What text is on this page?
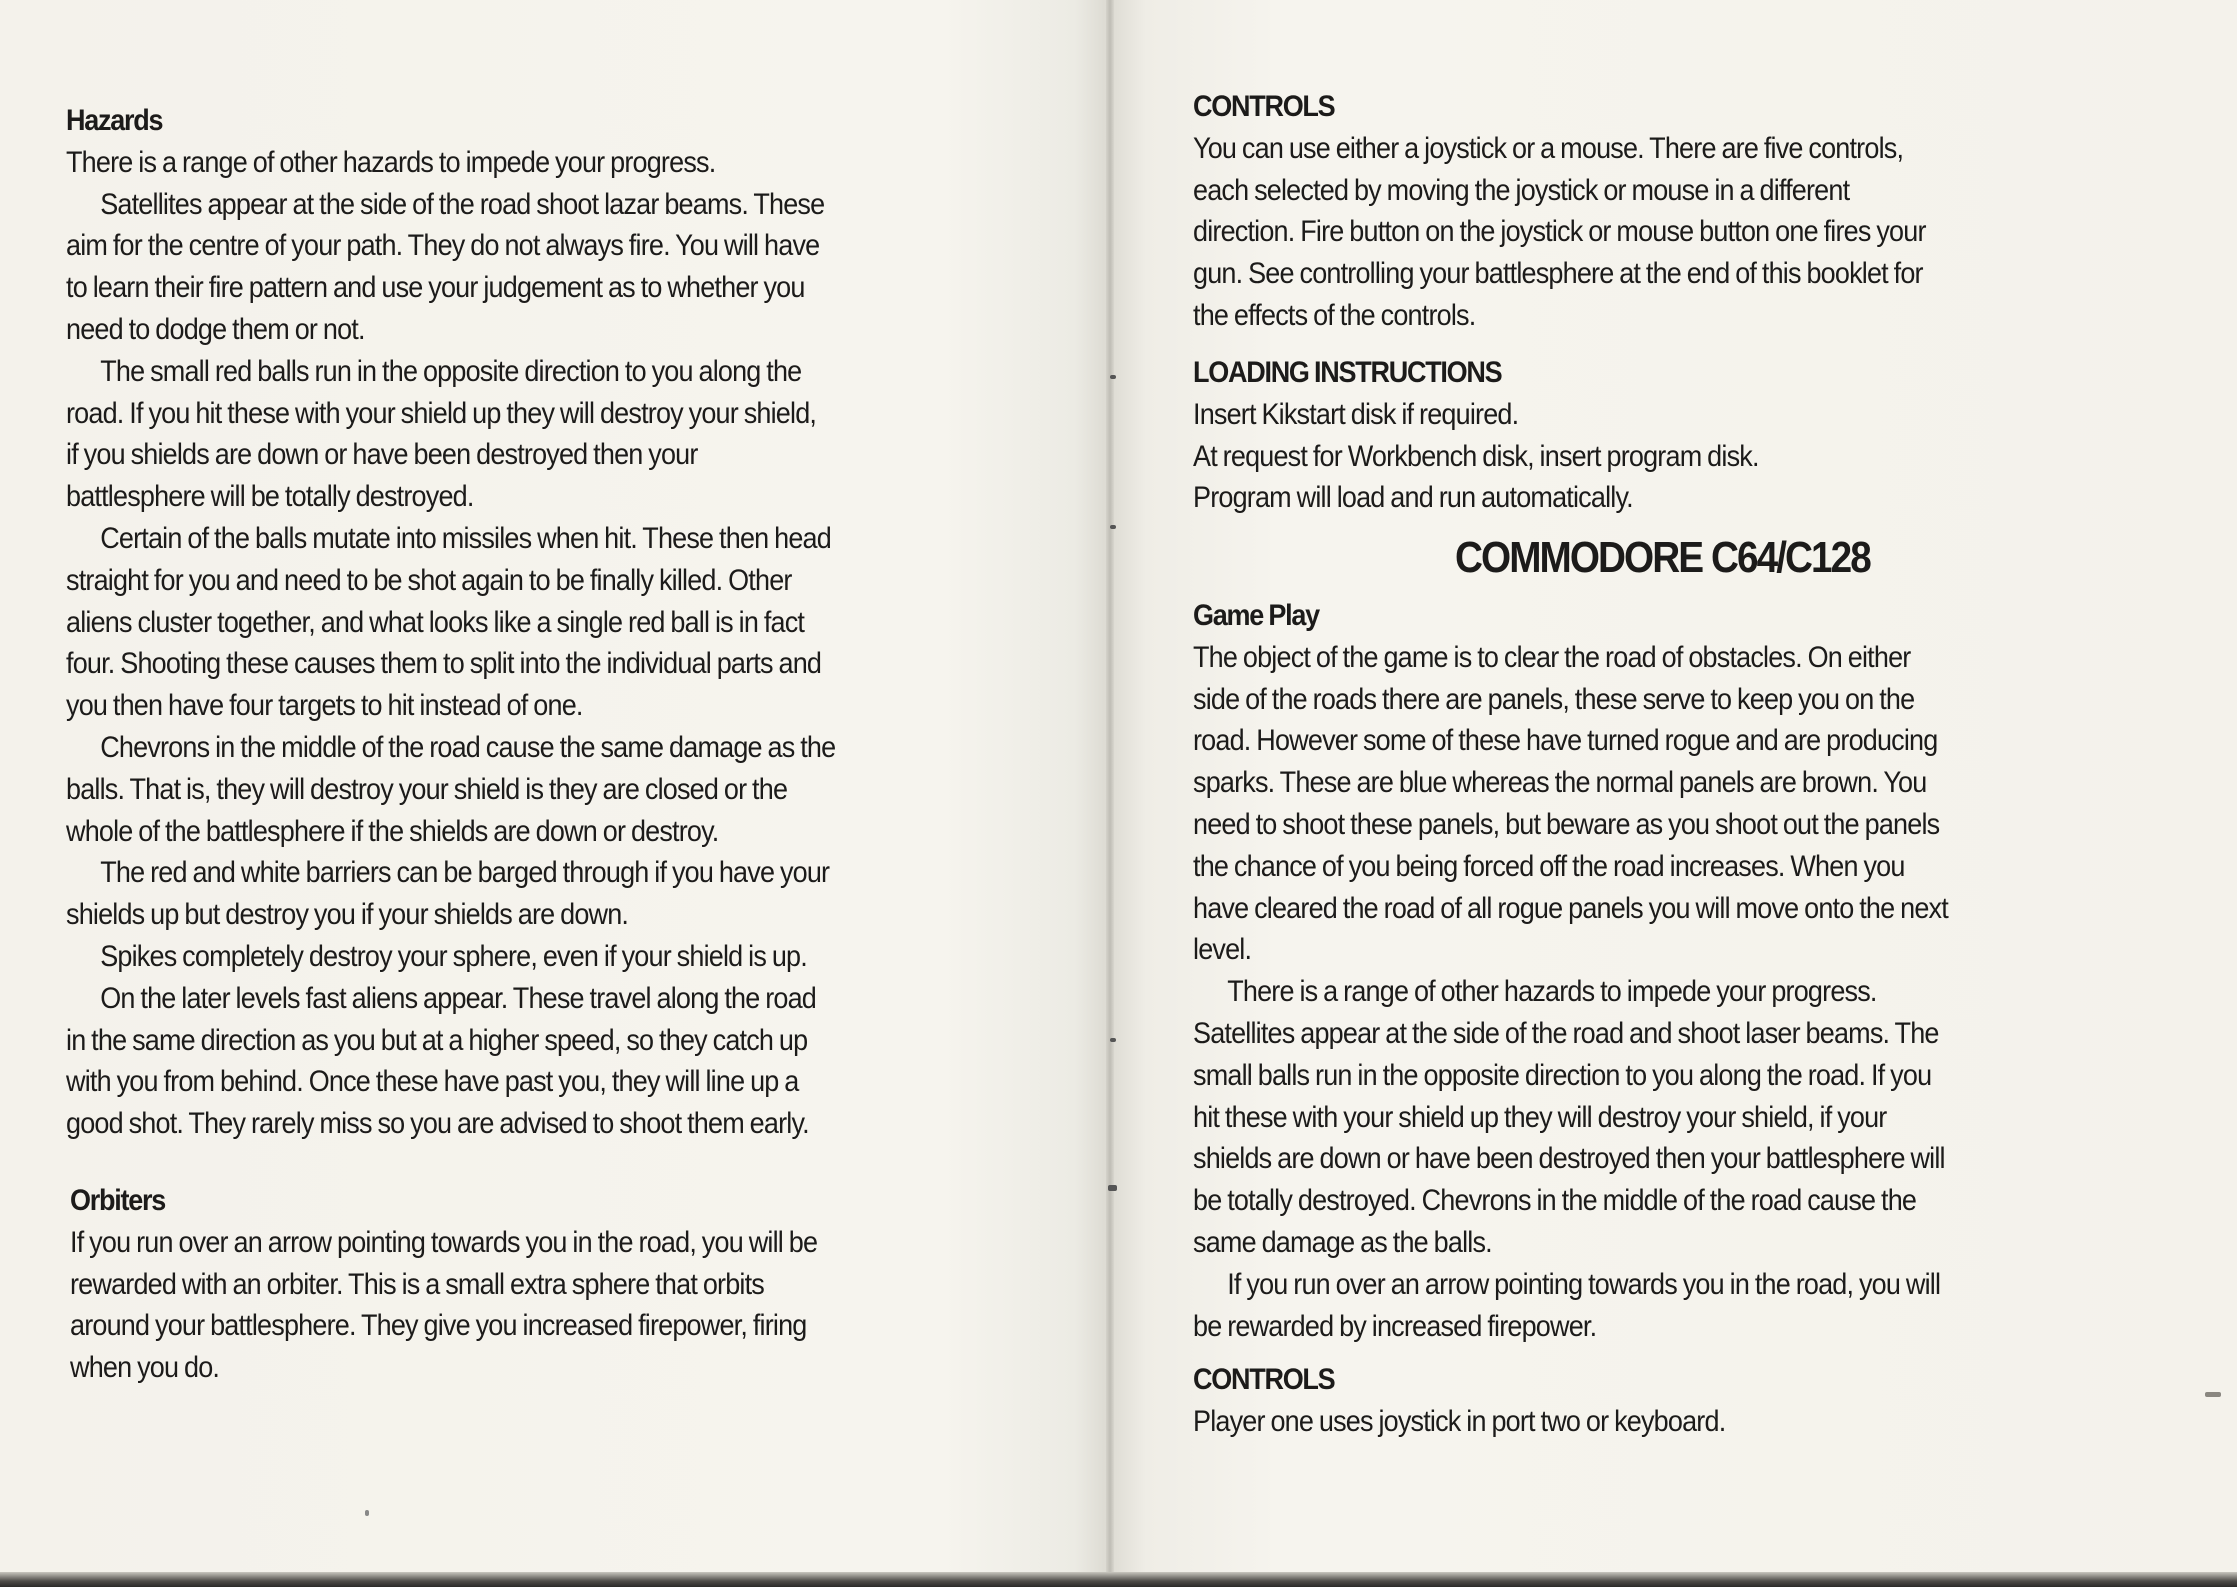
Hazards

There is a range of other hazards to impede your progress.

Satellites appear at the side of the road shoot lazar beams. These

aim for the centre of your path. They do not always fire. You will have

to learn their fire pattern and use your judgement as to whether you

need to dodge them or not.

The small red balls run in the opposite direction to you along the

road. If you hit these with your shield up they will destroy your shield,

if you shields are down or have been destroyed then your

battlesphere will be totally destroyed.

Certain of the balls mutate into missiles when hit. These then head

straight for you and need to be shot again to be finally killed. Other

aliens cluster together, and what looks like a single red ball is in fact

four. Shooting these causes them to split into the individual parts and

you then have four targets to hit instead of one.

Chevrons in the middle of the road cause the same damage as the

balls. That is, they will destroy your shield is they are closed or the

whole of the battlesphere if the shields are down or destroy.

The red and white barriers can be barged through if you have your

shields up but destroy you if your shields are down.

Spikes completely destroy your sphere, even if your shield is up.

On the later levels fast aliens appear. These travel along the road

in the same direction as you but at a higher speed, so they catch up

with you from behind. Once these have past you, they will line up a

good shot. They rarely miss so you are advised to shoot them early.

Orbiters

If you run over an arrow pointing towards you in the road, you will be

rewarded with an orbiter. This is a small extra sphere that orbits

around your battlesphere. They give you increased firepower, firing

when you do.

CONTROLS

You can use either a joystick or a mouse. There are five controls,

each selected by moving the joystick or mouse in a different

direction. Fire button on the joystick or mouse button one fires your

gun. See controlling your battlesphere at the end of this booklet for

the effects of the controls.

LOADING INSTRUCTIONS

Insert Kikstart disk if required.

At request for Workbench disk, insert program disk.

Program will load and run automatically.

COMMODORE C64/C128

Game Play

The object of the game is to clear the road of obstacles. On either

side of the roads there are panels, these serve to keep you on the

road. However some of these have turned rogue and are producing

sparks. These are blue whereas the normal panels are brown. You

need to shoot these panels, but beware as you shoot out the panels

the chance of you being forced off the road increases. When you

have cleared the road of all rogue panels you will move onto the next

level.

There is a range of other hazards to impede your progress.

Satellites appear at the side of the road and shoot laser beams. The

small balls run in the opposite direction to you along the road. If you

hit these with your shield up they will destroy your shield, if your

shields are down or have been destroyed then your battlesphere will

be totally destroyed. Chevrons in the middle of the road cause the

same damage as the balls.

If you run over an arrow pointing towards you in the road, you will

be rewarded by increased firepower.

CONTROLS

Player one uses joystick in port two or keyboard.
